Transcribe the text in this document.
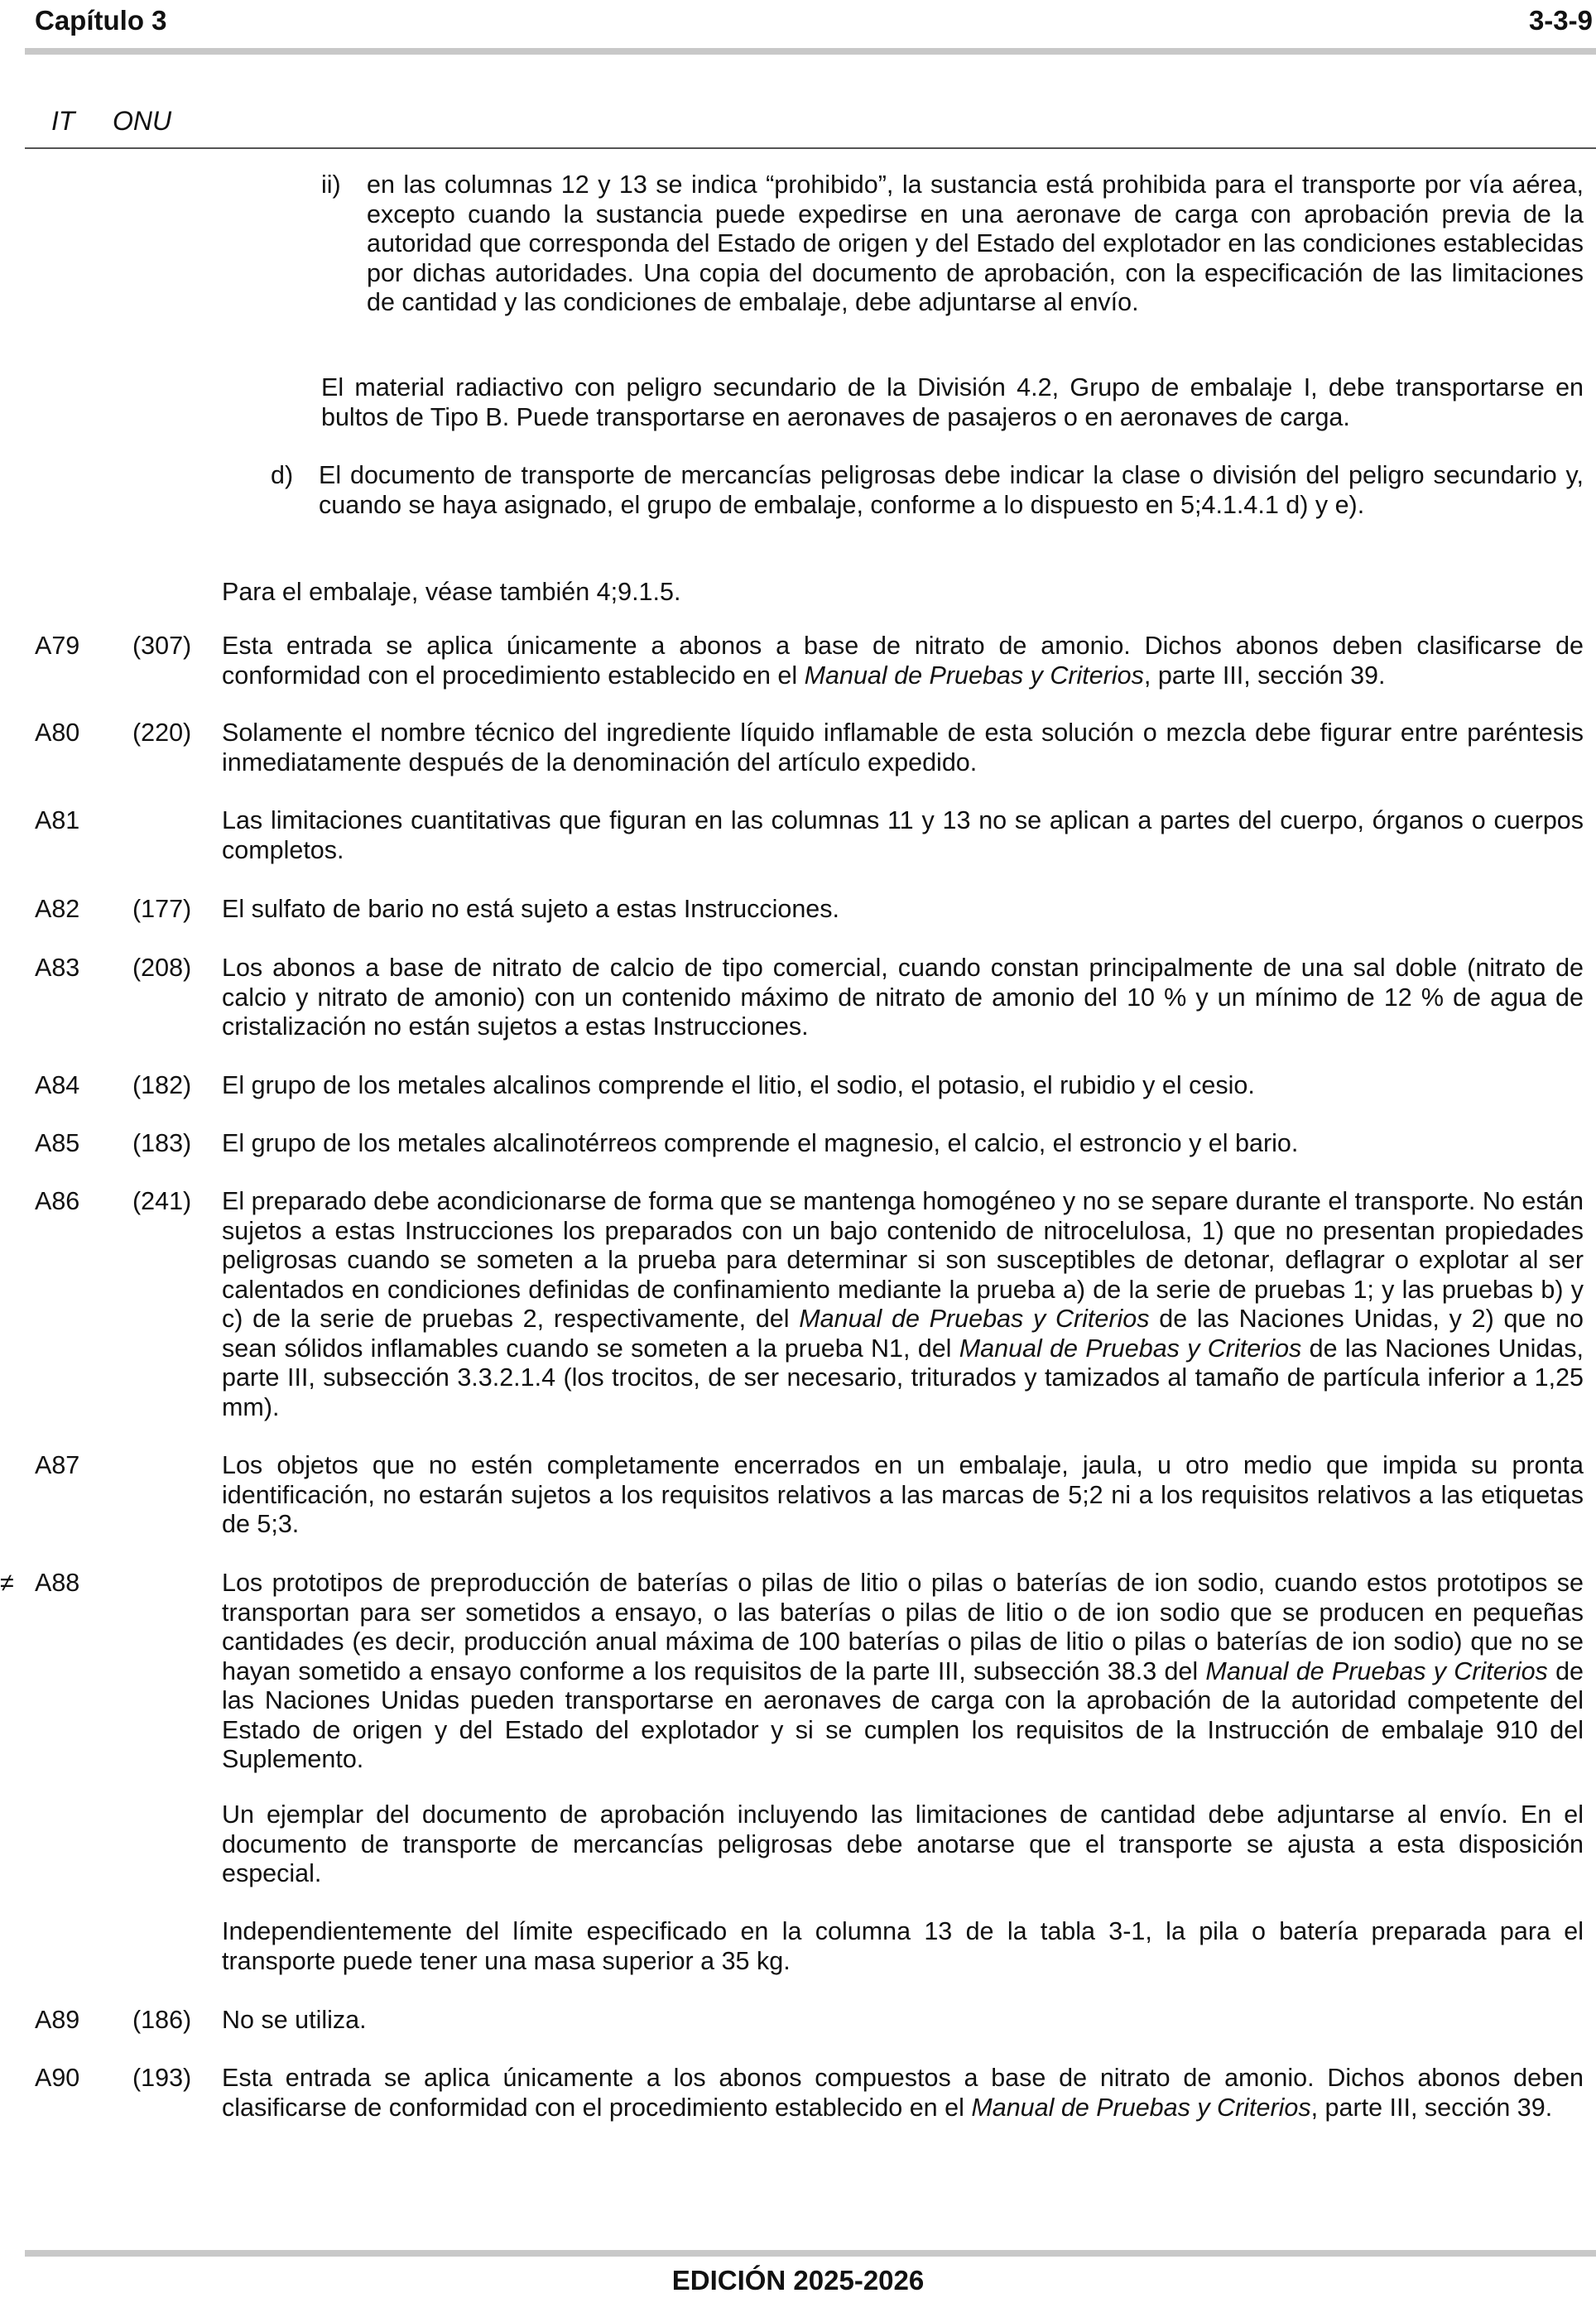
Capítulo 3	3-3-9
IT ONU
ii) en las columnas 12 y 13 se indica “prohibido”, la sustancia está prohibida para el transporte por vía aérea, excepto cuando la sustancia puede expedirse en una aeronave de carga con aprobación previa de la autoridad que corresponda del Estado de origen y del Estado del explotador en las condiciones establecidas por dichas autoridades. Una copia del documento de aprobación, con la especificación de las limitaciones de cantidad y las condiciones de embalaje, debe adjuntarse al envío.
El material radiactivo con peligro secundario de la División 4.2, Grupo de embalaje I, debe transportarse en bultos de Tipo B. Puede transportarse en aeronaves de pasajeros o en aeronaves de carga.
d) El documento de transporte de mercancías peligrosas debe indicar la clase o división del peligro secundario y, cuando se haya asignado, el grupo de embalaje, conforme a lo dispuesto en 5;4.1.4.1 d) y e).
Para el embalaje, véase también 4;9.1.5.
A79 (307) Esta entrada se aplica únicamente a abonos a base de nitrato de amonio. Dichos abonos deben clasificarse de conformidad con el procedimiento establecido en el Manual de Pruebas y Criterios, parte III, sección 39.
A80 (220) Solamente el nombre técnico del ingrediente líquido inflamable de esta solución o mezcla debe figurar entre paréntesis inmediatamente después de la denominación del artículo expedido.
A81	Las limitaciones cuantitativas que figuran en las columnas 11 y 13 no se aplican a partes del cuerpo, órganos o cuerpos completos.
A82 (177) El sulfato de bario no está sujeto a estas Instrucciones.
A83 (208) Los abonos a base de nitrato de calcio de tipo comercial, cuando constan principalmente de una sal doble (nitrato de calcio y nitrato de amonio) con un contenido máximo de nitrato de amonio del 10 % y un mínimo de 12 % de agua de cristalización no están sujetos a estas Instrucciones.
A84 (182) El grupo de los metales alcalinos comprende el litio, el sodio, el potasio, el rubidio y el cesio.
A85 (183) El grupo de los metales alcalinotérreos comprende el magnesio, el calcio, el estroncio y el bario.
A86 (241) El preparado debe acondicionarse de forma que se mantenga homogéneo y no se separe durante el transporte. No están sujetos a estas Instrucciones los preparados con un bajo contenido de nitrocelulosa, 1) que no presentan propiedades peligrosas cuando se someten a la prueba para determinar si son susceptibles de detonar, deflagrar o explotar al ser calentados en condiciones definidas de confinamiento mediante la prueba a) de la serie de pruebas 1; y las pruebas b) y c) de la serie de pruebas 2, respectivamente, del Manual de Pruebas y Criterios de las Naciones Unidas, y 2) que no sean sólidos inflamables cuando se someten a la prueba N1, del Manual de Pruebas y Criterios de las Naciones Unidas, parte III, subsección 3.3.2.1.4 (los trocitos, de ser necesario, triturados y tamizados al tamaño de partícula inferior a 1,25 mm).
A87	Los objetos que no estén completamente encerrados en un embalaje, jaula, u otro medio que impida su pronta identificación, no estarán sujetos a los requisitos relativos a las marcas de 5;2 ni a los requisitos relativos a las etiquetas de 5;3.
≠ A88	Los prototipos de preproducción de baterías o pilas de litio o pilas o baterías de ion sodio, cuando estos prototipos se transportan para ser sometidos a ensayo, o las baterías o pilas de litio o de ion sodio que se producen en pequeñas cantidades (es decir, producción anual máxima de 100 baterías o pilas de litio o pilas o baterías de ion sodio) que no se hayan sometido a ensayo conforme a los requisitos de la parte III, subsección 38.3 del Manual de Pruebas y Criterios de las Naciones Unidas pueden transportarse en aeronaves de carga con la aprobación de la autoridad competente del Estado de origen y del Estado del explotador y si se cumplen los requisitos de la Instrucción de embalaje 910 del Suplemento.
Un ejemplar del documento de aprobación incluyendo las limitaciones de cantidad debe adjuntarse al envío. En el documento de transporte de mercancías peligrosas debe anotarse que el transporte se ajusta a esta disposición especial.
Independientemente del límite especificado en la columna 13 de la tabla 3-1, la pila o batería preparada para el transporte puede tener una masa superior a 35 kg.
A89 (186) No se utiliza.
A90 (193) Esta entrada se aplica únicamente a los abonos compuestos a base de nitrato de amonio. Dichos abonos deben clasificarse de conformidad con el procedimiento establecido en el Manual de Pruebas y Criterios, parte III, sección 39.
EDICIÓN 2025-2026
